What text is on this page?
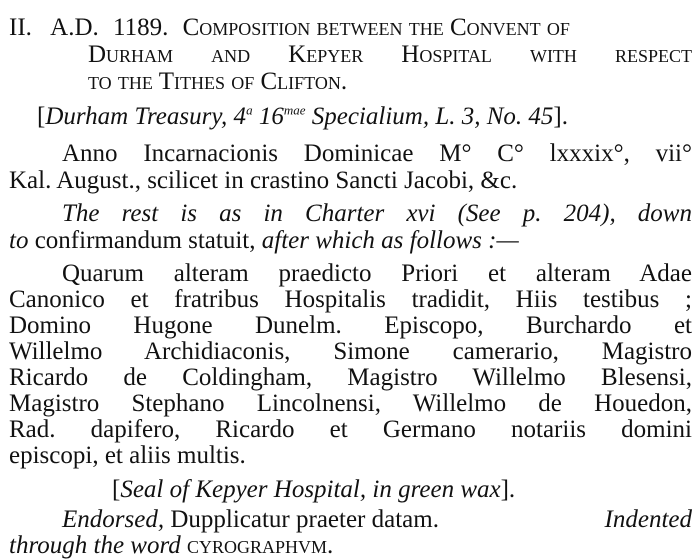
II. A.D. 1189. Composition between the Convent of
Durham and Kepyer Hospital with respect
to the Tithes of Clifton.
[Durham Treasury, 4$^a$ $16^{mae}$ Specialium, L. 3, No. 45].
Anno Incarnacionis Dominicae M° C° lxxxix°, vii°
Kal. August., scilicet in crastino Sancti Jacobi, &c.
The rest is as in Charter xvi (See p. 204), down
to confirmandum statuit, after which as follows :—
Quarum alteram praedicto Priori et alteram Adae
Canonico et fratribus Hospitalis tradidit, Hiis testibus ;
Domino Hugone Dunelm. Episcopo, Burchardo et
Willelmo Archidiaconis, Simone camerario, Magistro
Ricardo de Coldingham, Magistro Willelmo Blesensi,
Magistro Stephano Lincolnensi, Willelmo de Houedon,
Rad. dapifero, Ricardo et Germano notariis domini
episcopi, et aliis multis.
[Seal of Kepyer Hospital, in green wax].
Endorsed, Dupplicatur praeter datam.	Indented
through the word cyrographvm.
